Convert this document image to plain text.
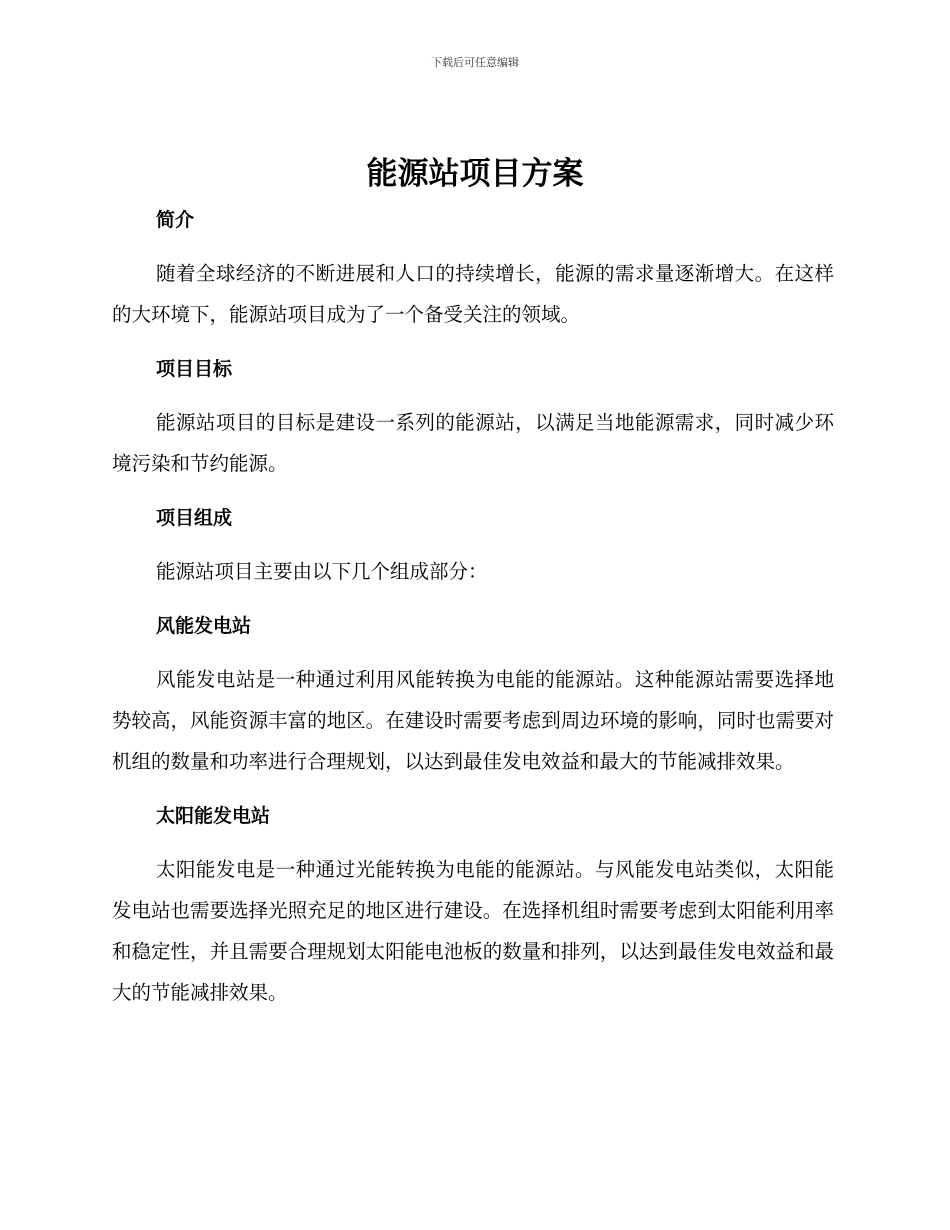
下载后可任意编辑

能源站项目方案
简介

随着全球经济的不断进展和人口的持续增长，能源的需求量逐渐增大。在这样的大环境下，能源站项目成为了一个备受关注的领域。

项目目标

能源站项目的目标是建设一系列的能源站，以满足当地能源需求，同时减少环境污染和节约能源。

项目组成

能源站项目主要由以下几个组成部分：

风能发电站

风能发电站是一种通过利用风能转换为电能的能源站。这种能源站需要选择地势较高，风能资源丰富的地区。在建设时需要考虑到周边环境的影响，同时也需要对机组的数量和功率进行合理规划，以达到最佳发电效益和最大的节能减排效果。

太阳能发电站

太阳能发电是一种通过光能转换为电能的能源站。与风能发电站类似，太阳能发电站也需要选择光照充足的地区进行建设。在选择机组时需要考虑到太阳能利用率和稳定性，并且需要合理规划太阳能电池板的数量和排列，以达到最佳发电效益和最大的节能减排效果。
